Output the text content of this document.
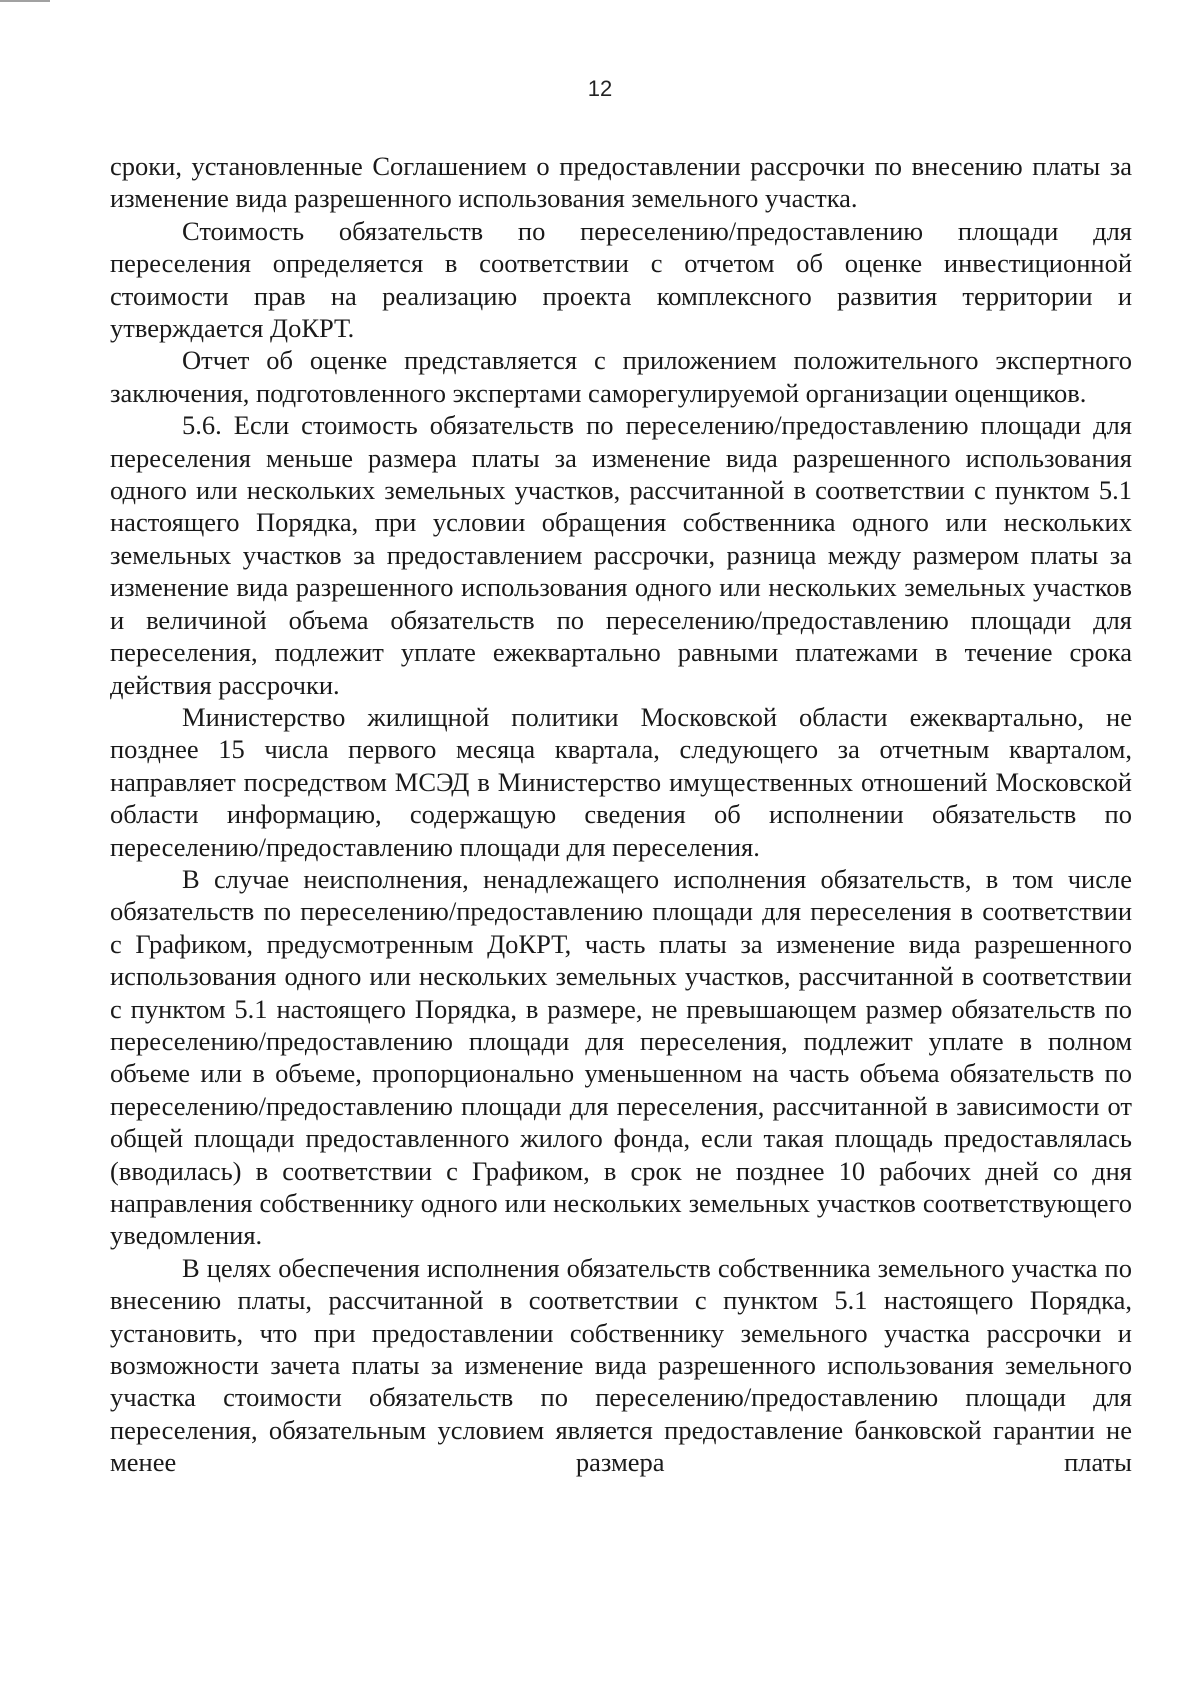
12

сроки, установленные Соглашением о предоставлении рассрочки по внесению платы за изменение вида разрешенного использования земельного участка.

Стоимость обязательств по переселению/предоставлению площади для переселения определяется в соответствии с отчетом об оценке инвестиционной стоимости прав на реализацию проекта комплексного развития территории и утверждается ДоКРТ.

Отчет об оценке представляется с приложением положительного экспертного заключения, подготовленного экспертами саморегулируемой организации оценщиков.

5.6. Если стоимость обязательств по переселению/предоставлению площади для переселения меньше размера платы за изменение вида разрешенного использования одного или нескольких земельных участков, рассчитанной в соответствии с пунктом 5.1 настоящего Порядка, при условии обращения собственника одного или нескольких земельных участков за предоставлением рассрочки, разница между размером платы за изменение вида разрешенного использования одного или нескольких земельных участков и величиной объема обязательств по переселению/предоставлению площади для переселения, подлежит уплате ежеквартально равными платежами в течение срока действия рассрочки.

Министерство жилищной политики Московской области ежеквартально, не позднее 15 числа первого месяца квартала, следующего за отчетным кварталом, направляет посредством МСЭД в Министерство имущественных отношений Московской области информацию, содержащую сведения об исполнении обязательств по переселению/предоставлению площади для переселения.

В случае неисполнения, ненадлежащего исполнения обязательств, в том числе обязательств по переселению/предоставлению площади для переселения в соответствии с Графиком, предусмотренным ДоКРТ, часть платы за изменение вида разрешенного использования одного или нескольких земельных участков, рассчитанной в соответствии с пунктом 5.1 настоящего Порядка, в размере, не превышающем размер обязательств по переселению/предоставлению площади для переселения, подлежит уплате в полном объеме или в объеме, пропорционально уменьшенном на часть объема обязательств по переселению/предоставлению площади для переселения, рассчитанной в зависимости от общей площади предоставленного жилого фонда, если такая площадь предоставлялась (вводилась) в соответствии с Графиком, в срок не позднее 10 рабочих дней со дня направления собственнику одного или нескольких земельных участков соответствующего уведомления.

В целях обеспечения исполнения обязательств собственника земельного участка по внесению платы, рассчитанной в соответствии с пунктом 5.1 настоящего Порядка, установить, что при предоставлении собственнику земельного участка рассрочки и возможности зачета платы за изменение вида разрешенного использования земельного участка стоимости обязательств по переселению/предоставлению площади для переселения, обязательным условием является предоставление банковской гарантии не менее размера платы
